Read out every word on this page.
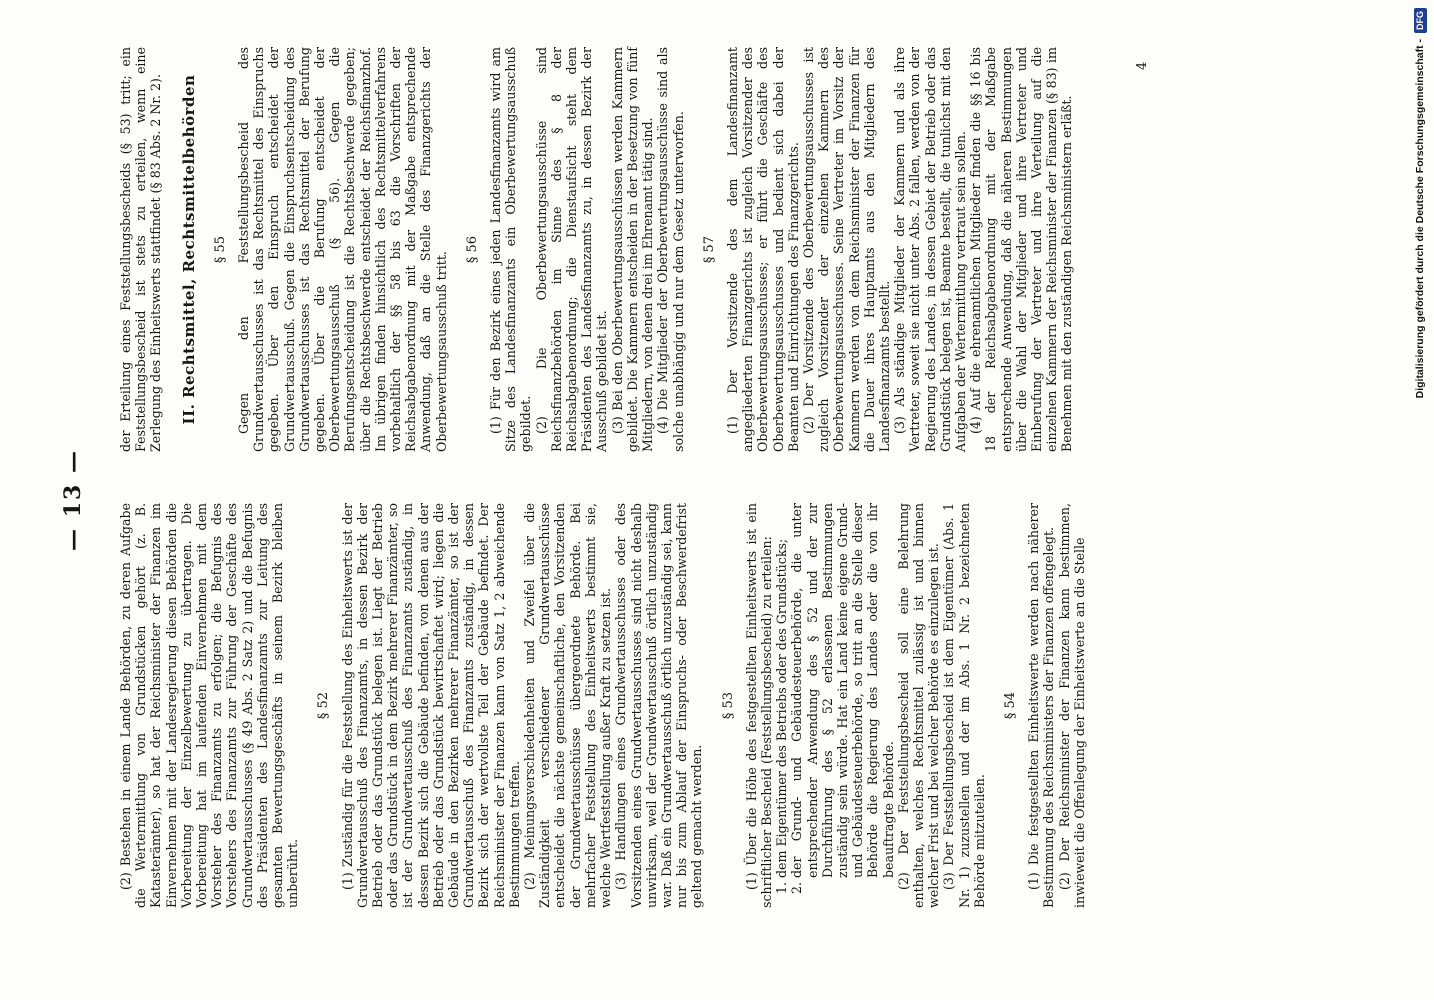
— 13 —

(2) Bestehen in einem Lande Behörden, zu deren Aufgabe die Wertermittlung von Grundstücken gehört (z. B. Katasterämter), so hat der Reichsminister der Finanzen im Einvernehmen mit der Landesregierung diesen Behörden die Vorbereitung der Einzelbewertung zu übertragen. Die Vorbereitung hat im laufenden Einvernehmen mit dem Vorsteher des Finanzamts zu erfolgen; die Befugnis des Vorstehers des Finanzamts zur Führung der Geschäfte des Grundwertausschusses (§ 49 Abs. 2 Satz 2) und die Befugnis des Präsidenten des Landesfinanzamts zur Leitung des gesamten Bewertungsgeschäfts in seinem Bezirk bleiben unberührt.

§ 52 (1) Zuständig für die Feststellung des Einheitswerts ist der Grundwertausschuß des Finanzamts, in dessen Bezirk der Betrieb oder das Grundstück belegen ist. Liegt der Betrieb oder das Grundstück in dem Bezirk mehrerer Finanzämter, so ist der Grundwertausschuß des Finanzamts zuständig, in dessen Bezirk sich die Gebäude befinden, von denen aus der Betrieb oder das Grundstück bewirtschaftet wird; liegen die Gebäude in den Bezirken mehrerer Finanzämter, so ist der Grundwertausschuß des Finanzamts zuständig, in dessen Bezirk sich der wertvollste Teil der Gebäude befindet. Der Reichsminister der Finanzen kann von Satz 1, 2 abweichende Bestimmungen treffen. (2) Meinungsverschiedenheiten und Zweifel über die Zuständigkeit verschiedener Grundwertausschüsse entscheidet die nächste gemeinschaftliche, den Vorsitzenden der Grundwertausschüsse übergeordnete Behörde. Bei mehrfacher Feststellung des Einheitswerts bestimmt sie, welche Wertfeststellung außer Kraft zu setzen ist. (3) Handlungen eines Grundwertausschusses oder des Vorsitzenden eines Grundwertausschusses sind nicht deshalb unwirksam, weil der Grundwertausschuß örtlich unzuständig war. Daß ein Grundwertausschuß örtlich unzuständig sei, kann nur bis zum Ablauf der Einspruchs- oder Beschwerdefrist geltend gemacht werden.

§ 53 (1) Über die Höhe des festgestellten Einheitswerts ist ein schriftlicher Bescheid (Feststellungsbescheid) zu erteilen: 1. dem Eigentümer des Betriebs oder des Grundstücks; 2. der Grund- und Gebäudesteuerbehörde, die unter entsprechender Anwendung des § 52 und der zur Durchführung des § 52 erlassenen Bestimmungen zuständig sein würde. Hat ein Land keine eigene Grund- und Gebäudesteuerbehörde, so tritt an die Stelle dieser Behörde die Regierung des Landes oder die von ihr beauftragte Behörde. (2) Der Feststellungsbescheid soll eine Belehrung enthalten, welches Rechtsmittel zulässig ist und binnen welcher Frist und bei welcher Behörde es einzulegen ist. (3) Der Feststellungsbescheid ist dem Eigentümer (Abs. 1 Nr. 1) zuzustellen und der im Abs. 1 Nr. 2 bezeichneten Behörde mitzuteilen.

§ 54 (1) Die festgestellten Einheitswerte werden nach näherer Bestimmung des Reichsministers der Finanzen offengelegt. (2) Der Reichsminister der Finanzen kann bestimmen, inwieweit die Offenlegung der Einheitswerte an die Stelle

der Erteilung eines Feststellungsbescheids (§ 53) tritt; ein Feststellungsbescheid ist stets zu erteilen, wenn eine Zerlegung des Einheitswerts stattfindet (§ 83 Abs. 2 Nr. 2). II. Rechtsmittel, Rechtsmittelbehörden § 55 Gegen den Feststellungsbescheid des Grundwertausschusses ist das Rechtsmittel des Einspruchs gegeben. Über den Einspruch entscheidet der Grundwertausschuß. Gegen die Einspruchsentscheidung des Grundwertausschusses ist das Rechtsmittel der Berufung gegeben. Über die Berufung entscheidet der Oberbewertungsausschuß (§ 56). Gegen die Berufungsentscheidung ist die Rechtsbeschwerde gegeben; über die Rechtsbeschwerde entscheidet der Reichsfinanzhof. Im übrigen finden hinsichtlich des Rechtsmittelverfahrens vorbehaltlich der §§ 58 bis 63 die Vorschriften der Reichsabgabenordnung mit der Maßgabe entsprechende Anwendung, daß an die Stelle des Finanzgerichts der Oberbewertungsausschuß tritt.

§ 56 (1) Für den Bezirk eines jeden Landesfinanzamts wird am Sitze des Landesfinanzamts ein Oberbewertungsausschuß gebildet. (2) Die Oberbewertungsausschüsse sind Reichsfinanzbehörden im Sinne des § 8 der Reichsabgabenordnung; die Dienstaufsicht steht dem Präsidenten des Landesfinanzamts zu, in dessen Bezirk der Ausschuß gebildet ist. (3) Bei den Oberbewertungsausschüssen werden Kammern gebildet. Die Kammern entscheiden in der Besetzung von fünf Mitgliedern, von denen drei im Ehrenamt tätig sind. (4) Die Mitglieder der Oberbewertungsausschüsse sind als solche unabhängig und nur dem Gesetz unterworfen. § 57 (1) Der Vorsitzende des dem Landesfinanzamt angegliederten Finanzgerichts ist zugleich Vorsitzender des Oberbewertungsausschusses; er führt die Geschäfte des Oberbewertungsausschusses und bedient sich dabei der Beamten und Einrichtungen des Finanzgerichts. (2) Der Vorsitzende des Oberbewertungsausschusses ist zugleich Vorsitzender der einzelnen Kammern des Oberbewertungsausschusses. Seine Vertreter im Vorsitz der Kammern werden von dem Reichsminister der Finanzen für die Dauer ihres Hauptamts aus den Mitgliedern des Landesfinanzamts bestellt. (3) Als ständige Mitglieder der Kammern und als ihre Vertreter, soweit sie nicht unter Abs. 2 fallen, werden von der Regierung des Landes, in dessen Gebiet der Betrieb oder das Grundstück belegen ist, Beamte bestellt, die tunlichst mit den Aufgaben der Wertermittlung vertraut sein sollen. (4) Auf die ehrenamtlichen Mitglieder finden die §§ 16 bis 18 der Reichsabgabenordnung mit der Maßgabe entsprechende Anwendung, daß die näheren Bestimmungen über die Wahl der Mitglieder und ihre Vertreter und Einberufung der Vertreter und ihre Verteilung auf die einzelnen Kammern der Reichsminister der Finanzen (§ 83) im Benehmen mit den zuständigen Reichsministern erläßt.

4	Digitalisierung gefördert durch die Deutsche Forschungsgemeinschaft -
DFG
